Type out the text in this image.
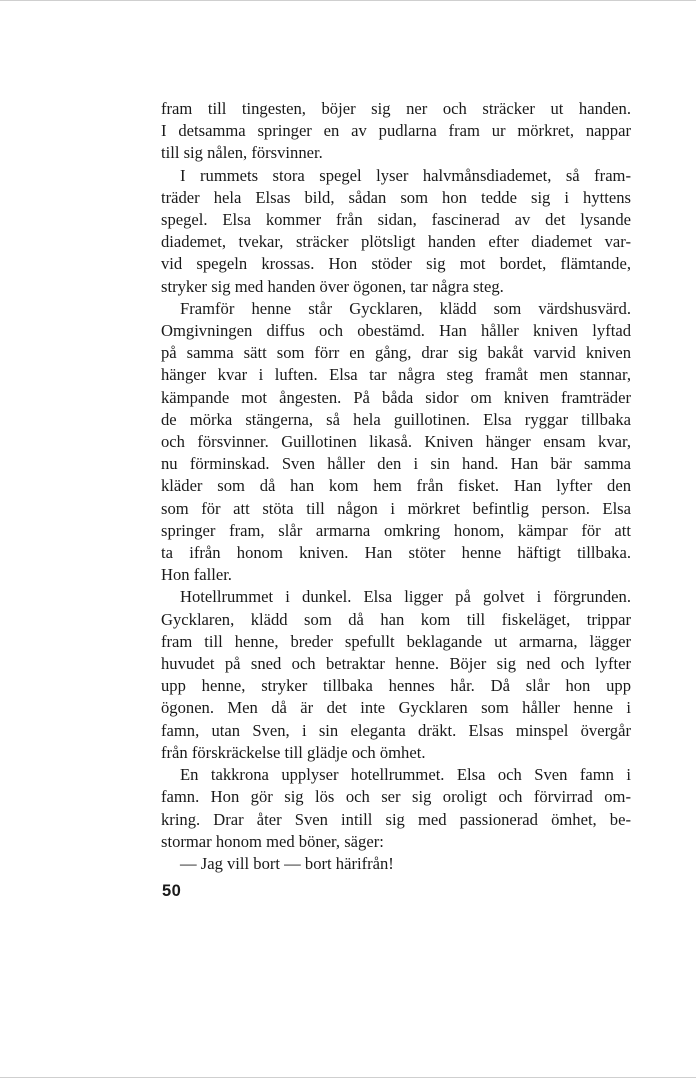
fram till tingesten, böjer sig ner och sträcker ut handen.
I detsamma springer en av pudlarna fram ur mörkret, nappar
till sig nålen, försvinner.
I rummets stora spegel lyser halvmånsdiademet, så fram-
träder hela Elsas bild, sådan som hon tedde sig i hyttens
spegel. Elsa kommer från sidan, fascinerad av det lysande
diademet, tvekar, sträcker plötsligt handen efter diademet var-
vid spegeln krossas. Hon stöder sig mot bordet, flämtande,
stryker sig med handen över ögonen, tar några steg.
Framför henne står Gycklaren, klädd som värdshusvärd.
Omgivningen diffus och obestämd. Han håller kniven lyftad
på samma sätt som förr en gång, drar sig bakåt varvid kniven
hänger kvar i luften. Elsa tar några steg framåt men stannar,
kämpande mot ångesten. På båda sidor om kniven framträder
de mörka stängerna, så hela guillotinen. Elsa ryggar tillbaka
och försvinner. Guillotinen likaså. Kniven hänger ensam kvar,
nu förminskad. Sven håller den i sin hand. Han bär samma
kläder som då han kom hem från fisket. Han lyfter den
som för att stöta till någon i mörkret befintlig person. Elsa
springer fram, slår armarna omkring honom, kämpar för att
ta ifrån honom kniven. Han stöter henne häftigt tillbaka.
Hon faller.
Hotellrummet i dunkel. Elsa ligger på golvet i förgrunden.
Gycklaren, klädd som då han kom till fiskeläget, trippar
fram till henne, breder spefullt beklagande ut armarna, lägger
huvudet på sned och betraktar henne. Böjer sig ned och lyfter
upp henne, stryker tillbaka hennes hår. Då slår hon upp
ögonen. Men då är det inte Gycklaren som håller henne i
famn, utan Sven, i sin eleganta dräkt. Elsas minspel övergår
från förskräckelse till glädje och ömhet.
En takkrona upplyser hotellrummet. Elsa och Sven famn i
famn. Hon gör sig lös och ser sig oroligt och förvirrad om-
kring. Drar åter Sven intill sig med passionerad ömhet, be-
stormar honom med böner, säger:
— Jag vill bort — bort härifrån!
50
